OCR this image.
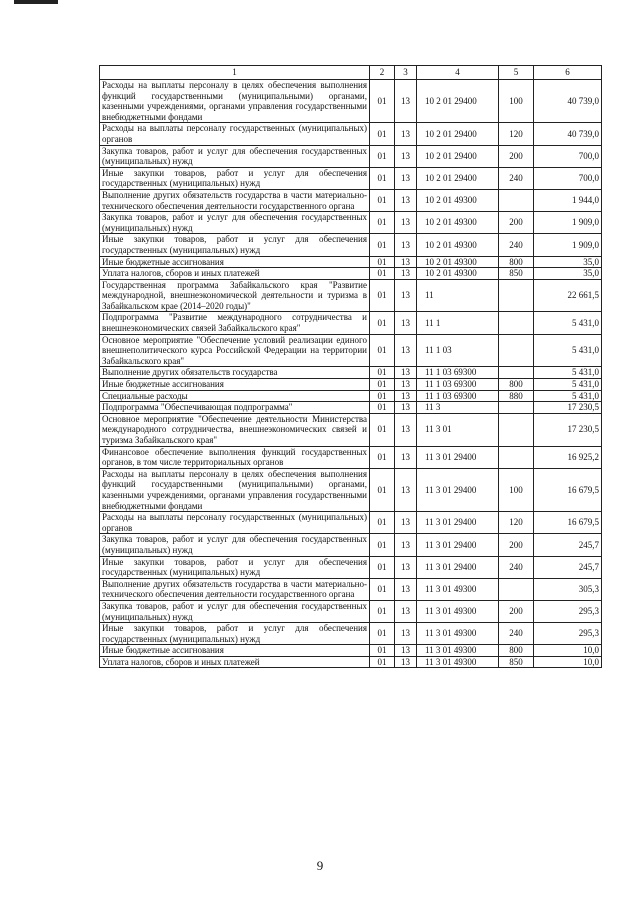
1	2	3	4	5	6
Расходы на выплаты персоналу в целях обеспечения выполнения функций государственными (муниципальными) органами, казенными учреждениями, органами управления государственными внебюджетными фондами	01	13	10 2 01 29400	100	40 739,0
Расходы на выплаты персоналу государственных (муниципальных) органов	01	13	10 2 01 29400	120	40 739,0
Закупка товаров, работ и услуг для обеспечения государственных (муниципальных) нужд	01	13	10 2 01 29400	200	700,0
Иные закупки товаров, работ и услуг для обеспечения государственных (муниципальных) нужд	01	13	10 2 01 29400	240	700,0
Выполнение других обязательств государства в части материально-технического обеспечения деятельности государственного органа	01	13	10 2 01 49300		1 944,0
Закупка товаров, работ и услуг для обеспечения государственных (муниципальных) нужд	01	13	10 2 01 49300	200	1 909,0
Иные закупки товаров, работ и услуг для обеспечения государственных (муниципальных) нужд	01	13	10 2 01 49300	240	1 909,0
Иные бюджетные ассигнования	01	13	10 2 01 49300	800	35,0
Уплата налогов, сборов и иных платежей	01	13	10 2 01 49300	850	35,0
Государственная программа Забайкальского края "Развитие международной, внешнеэкономической деятельности и туризма в Забайкальском крае (2014–2020 годы)"	01	13	11		22 661,5
Подпрограмма "Развитие международного сотрудничества и внешнеэкономических связей Забайкальского края"	01	13	11 1		5 431,0
Основное мероприятие "Обеспечение условий реализации единого внешнеполитического курса Российской Федерации на территории Забайкальского края"	01	13	11 1 03		5 431,0
Выполнение других обязательств государства	01	13	11 1 03 69300		5 431,0
Иные бюджетные ассигнования	01	13	11 1 03 69300	800	5 431,0
Специальные расходы	01	13	11 1 03 69300	880	5 431,0
Подпрограмма "Обеспечивающая подпрограмма"	01	13	11 3		17 230,5
Основное мероприятие "Обеспечение деятельности Министерства международного сотрудничества, внешнеэкономических связей и туризма Забайкальского края"	01	13	11 3 01		17 230,5
Финансовое обеспечение выполнения функций государственных органов, в том числе территориальных органов	01	13	11 3 01 29400		16 925,2
Расходы на выплаты персоналу в целях обеспечения выполнения функций государственными (муниципальными) органами, казенными учреждениями, органами управления государственными внебюджетными фондами	01	13	11 3 01 29400	100	16 679,5
Расходы на выплаты персоналу государственных (муниципальных) органов	01	13	11 3 01 29400	120	16 679,5
Закупка товаров, работ и услуг для обеспечения государственных (муниципальных) нужд	01	13	11 3 01 29400	200	245,7
Иные закупки товаров, работ и услуг для обеспечения государственных (муниципальных) нужд	01	13	11 3 01 29400	240	245,7
Выполнение других обязательств государства в части материально-технического обеспечения деятельности государственного органа	01	13	11 3 01 49300		305,3
Закупка товаров, работ и услуг для обеспечения государственных (муниципальных) нужд	01	13	11 3 01 49300	200	295,3
Иные закупки товаров, работ и услуг для обеспечения государственных (муниципальных) нужд	01	13	11 3 01 49300	240	295,3
Иные бюджетные ассигнования	01	13	11 3 01 49300	800	10,0
Уплата налогов, сборов и иных платежей	01	13	11 3 01 49300	850	10,0
9
